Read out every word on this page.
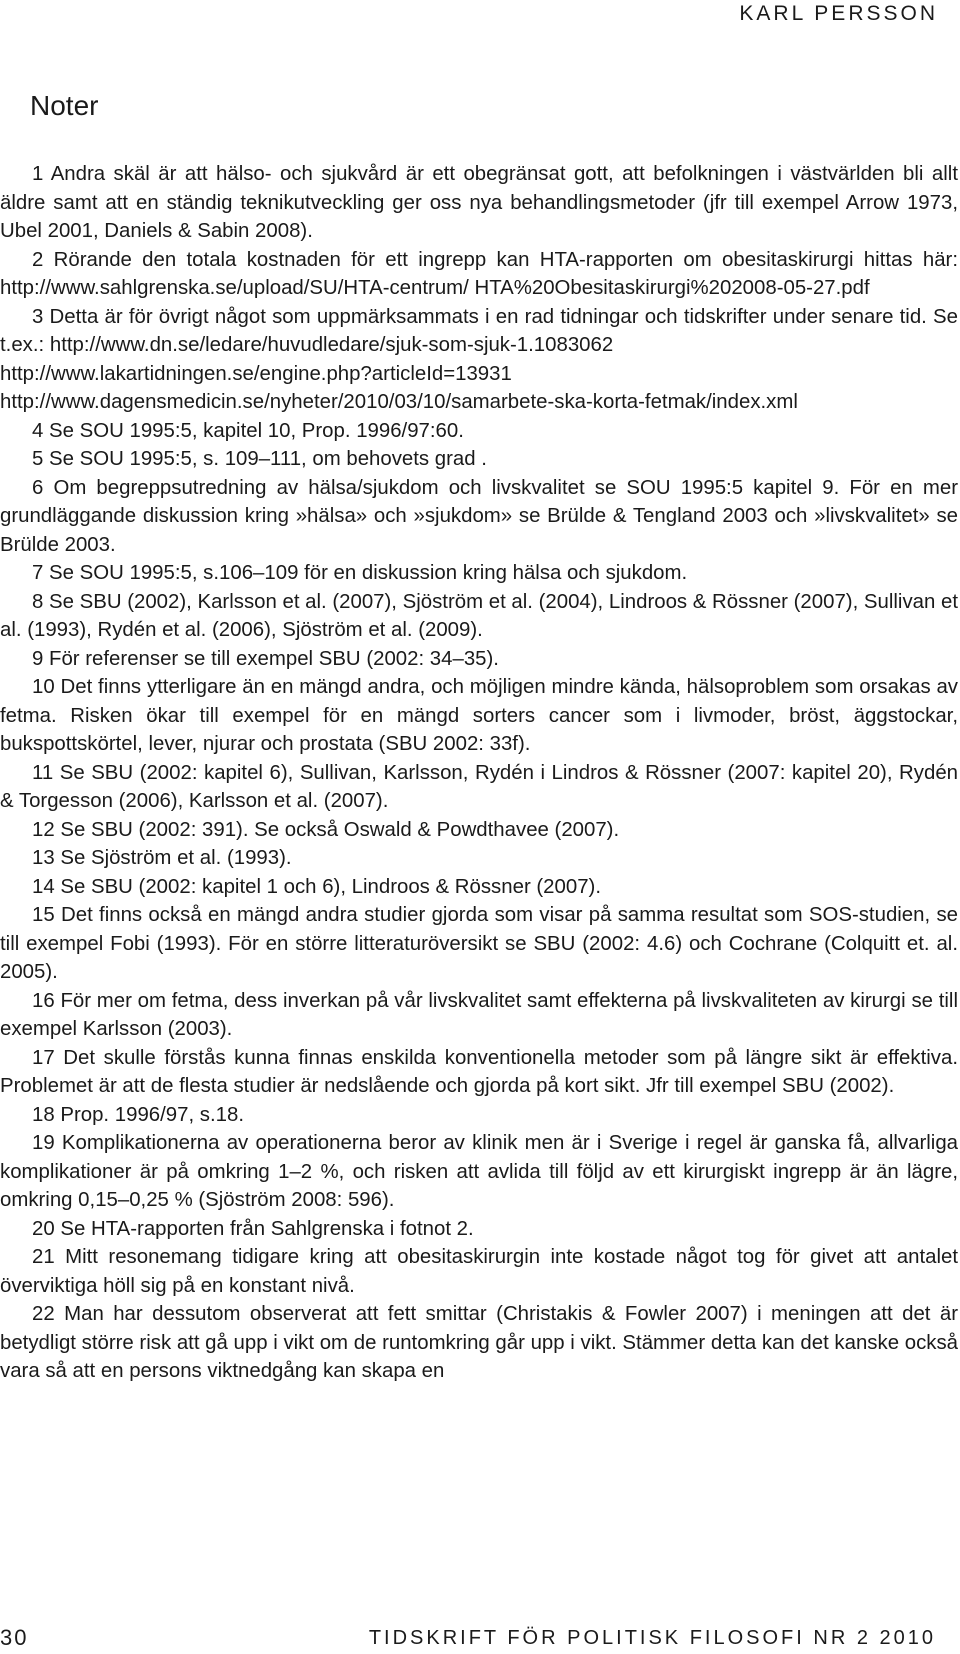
KARL PERSSON
Noter

1 Andra skäl är att hälso- och sjukvård är ett obegränsat gott, att befolkningen i västvärlden bli allt äldre samt att en ständig teknikutveckling ger oss nya behandlingsmetoder (jfr till exempel Arrow 1973, Ubel 2001, Daniels & Sabin 2008).

2 Rörande den totala kostnaden för ett ingrepp kan HTA-rapporten om obesitaskirurgi hittas här: http://www.sahlgrenska.se/upload/SU/HTA-centrum/ HTA%20Obesitaskirurgi%202008-05-27.pdf

3 Detta är för övrigt något som uppmärksammats i en rad tidningar och tidskrifter under senare tid. Se t.ex.: http://www.dn.se/ledare/huvudledare/sjuk-som-sjuk-1.1083062
http://www.lakartidningen.se/engine.php?articleId=13931
http://www.dagensmedicin.se/nyheter/2010/03/10/samarbete-ska-korta-fetmak/index.xml

4 Se SOU 1995:5, kapitel 10, Prop. 1996/97:60.

5 Se SOU 1995:5, s. 109–111, om behovets grad .

6 Om begreppsutredning av hälsa/sjukdom och livskvalitet se SOU 1995:5 kapitel 9. För en mer grundläggande diskussion kring »hälsa» och »sjukdom» se Brülde & Tengland 2003 och »livskvalitet» se Brülde 2003.

7 Se SOU 1995:5, s.106–109 för en diskussion kring hälsa och sjukdom.

8 Se SBU (2002), Karlsson et al. (2007), Sjöström et al. (2004), Lindroos & Rössner (2007), Sullivan et al. (1993), Rydén et al. (2006), Sjöström et al. (2009).

9 För referenser se till exempel SBU (2002: 34–35).

10 Det finns ytterligare än en mängd andra, och möjligen mindre kända, hälsoproblem som orsakas av fetma. Risken ökar till exempel för en mängd sorters cancer som i livmoder, bröst, äggstockar, bukspottskörtel, lever, njurar och prostata (SBU 2002: 33f).

11 Se SBU (2002: kapitel 6), Sullivan, Karlsson, Rydén i Lindros & Rössner (2007: kapitel 20), Rydén & Torgesson (2006), Karlsson et al. (2007).

12 Se SBU (2002: 391). Se också Oswald & Powdthavee (2007).

13 Se Sjöström et al. (1993).

14 Se SBU (2002: kapitel 1 och 6), Lindroos & Rössner (2007).

15 Det finns också en mängd andra studier gjorda som visar på samma resultat som SOS-studien, se till exempel Fobi (1993). För en större litteraturöversikt se SBU (2002: 4.6) och Cochrane (Colquitt et. al. 2005).

16 För mer om fetma, dess inverkan på vår livskvalitet samt effekterna på livskvaliteten av kirurgi se till exempel Karlsson (2003).

17 Det skulle förstås kunna finnas enskilda konventionella metoder som på längre sikt är effektiva. Problemet är att de flesta studier är nedslående och gjorda på kort sikt. Jfr till exempel SBU (2002).

18 Prop. 1996/97, s.18.

19 Komplikationerna av operationerna beror av klinik men är i Sverige i regel är ganska få, allvarliga komplikationer är på omkring 1–2 %, och risken att avlida till följd av ett kirurgiskt ingrepp är än lägre, omkring 0,15–0,25 % (Sjöström 2008: 596).

20 Se HTA-rapporten från Sahlgrenska i fotnot 2.

21 Mitt resonemang tidigare kring att obesitaskirurgin inte kostade något tog för givet att antalet överviktiga höll sig på en konstant nivå.

22 Man har dessutom observerat att fett smittar (Christakis & Fowler 2007) i meningen att det är betydligt större risk att gå upp i vikt om de runtomkring går upp i vikt. Stämmer detta kan det kanske också vara så att en persons viktnedgång kan skapa en

30	TIDSKRIFT FÖR POLITISK FILOSOFI NR 2 2010
